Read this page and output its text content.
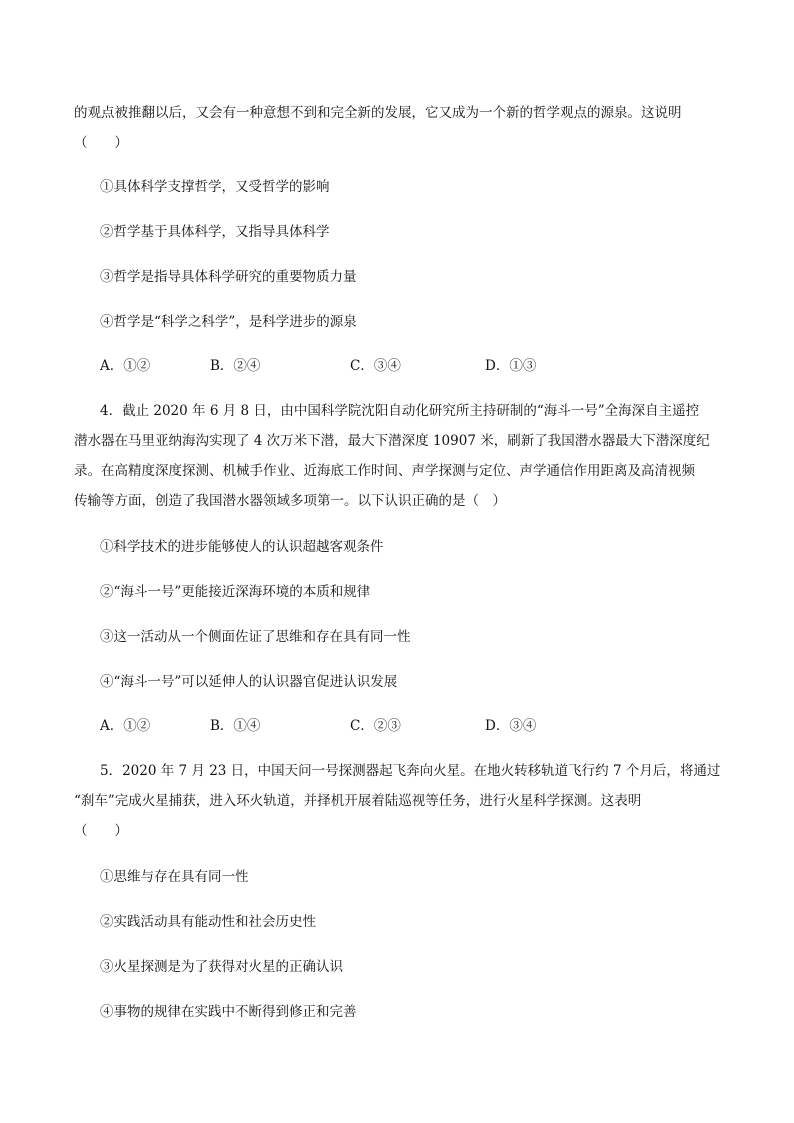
的观点被推翻以后，又会有一种意想不到和完全新的发展，它又成为一个新的哲学观点的源泉。这说明
（　　）
①具体科学支撑哲学，又受哲学的影响
②哲学基于具体科学，又指导具体科学
③哲学是指导具体科学研究的重要物质力量
④哲学是“科学之科学”，是科学进步的源泉
A．①②	B．②④	C．③④	D．①③
4．截止 2020 年 6 月 8 日，由中国科学院沈阳自动化研究所主持研制的“海斗一号”全海深自主遥控
潜水器在马里亚纳海沟实现了 4 次万米下潜，最大下潜深度 10907 米，刷新了我国潜水器最大下潜深度纪
录。在高精度深度探测、机械手作业、近海底工作时间、声学探测与定位、声学通信作用距离及高清视频
传输等方面，创造了我国潜水器领域多项第一。以下认识正确的是（　）
①科学技术的进步能够使人的认识超越客观条件
②“海斗一号”更能接近深海环境的本质和规律
③这一活动从一个侧面佐证了思维和存在具有同一性
④“海斗一号”可以延伸人的认识器官促进认识发展
A．①②	B．①④	C．②③	D．③④
5．2020 年 7 月 23 日，中国天问一号探测器起飞奔向火星。在地火转移轨道飞行约 7 个月后，将通过
“刹车”完成火星捕获，进入环火轨道，并择机开展着陆巡视等任务，进行火星科学探测。这表明
（　　）
①思维与存在具有同一性
②实践活动具有能动性和社会历史性
③火星探测是为了获得对火星的正确认识
④事物的规律在实践中不断得到修正和完善
